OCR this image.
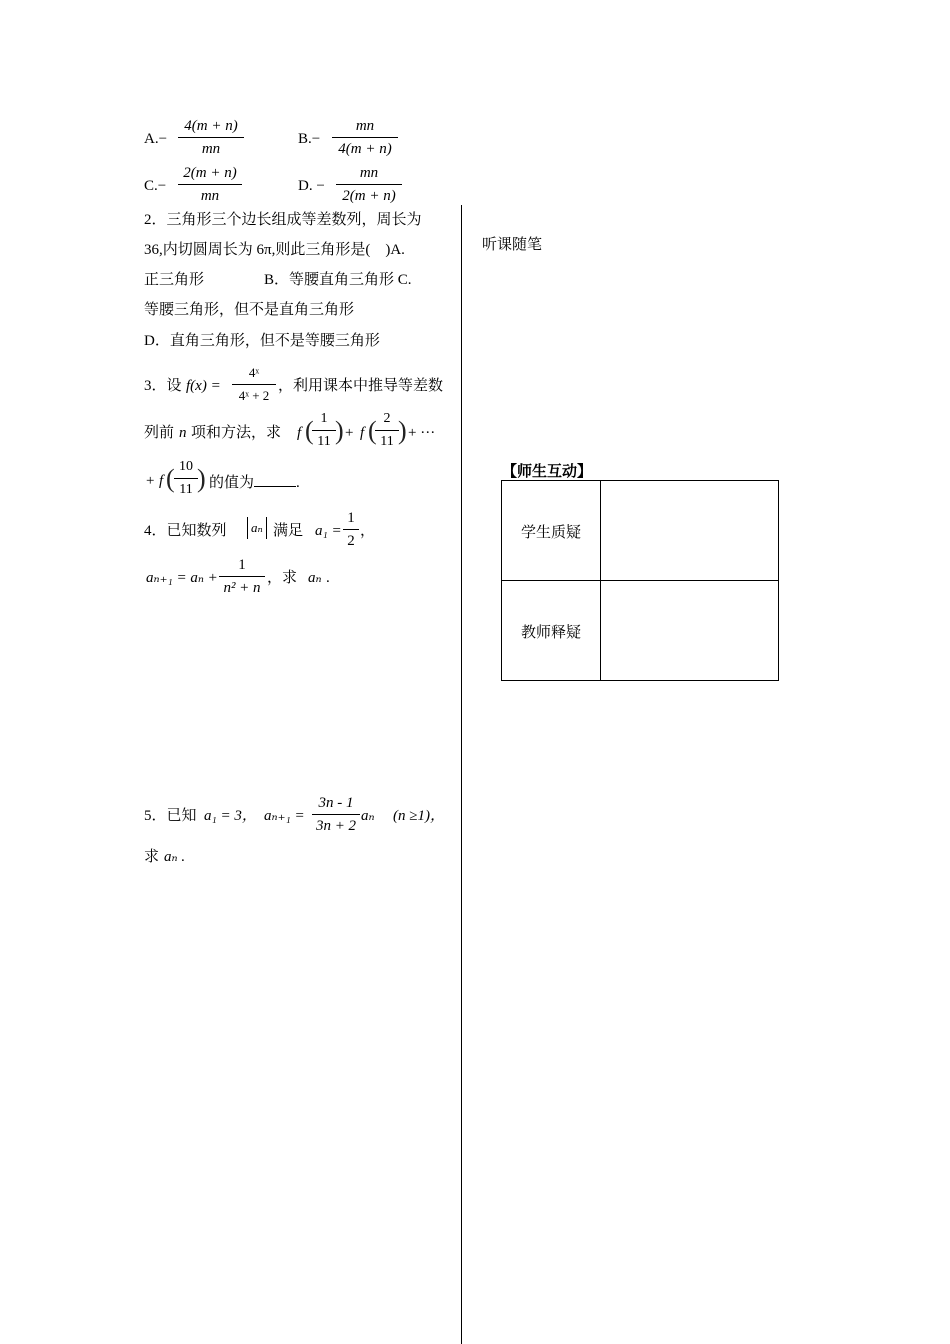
A.−
4(m + n)
mn
B.−
mn
4(m + n)
C.−
2(m + n)
mn
D. −
mn
2(m + n)
2．三角形三个边长组成等差数列，周长为
36,内切圆周长为 6π,则此三角形是(　)A.
正三角形　　　　B．等腰直角三角形 C.
等腰三角形，但不是直角三角形
D．直角三角形，但不是等腰三角形
3．设 f(x) =
4ˣ
4ˣ + 2
，利用课本中推导等差数
列前 n 项和方法，求 f ( 1
11 ) + f ( 2
11 ) + ···
+ f ( 10
11 ) 的值为	.
4．已知数列	aₙ 满足 a₁ =
1
2
，
aₙ₊₁ = aₙ +
1
n² + n
，求 aₙ .
5．已知 a₁ = 3， aₙ₊₁ =
3n - 1
3n + 2
aₙ (n ≥1)，
求 aₙ .
听课随笔
【师生互动】
学生质疑
教师释疑
